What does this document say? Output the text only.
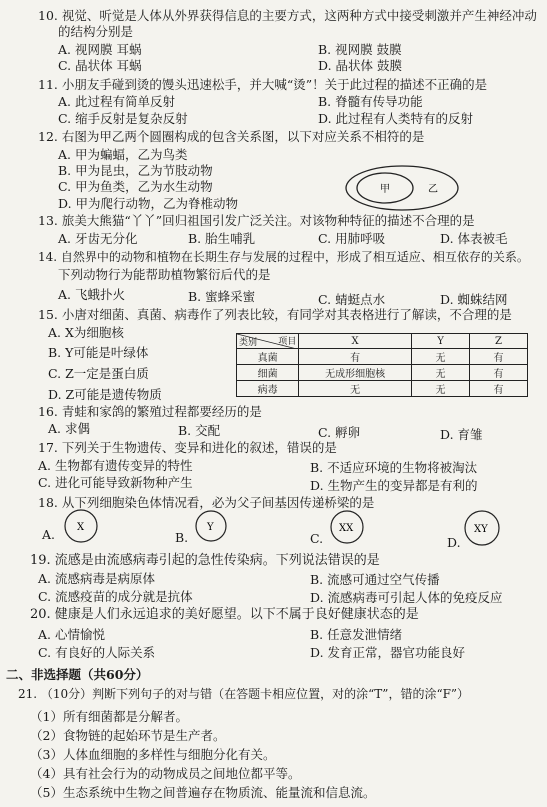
10. 视觉、听觉是人体从外界获得信息的主要方式，这两种方式中接受刺激并产生神经冲动
的结构分别是
A. 视网膜 耳蜗	B. 视网膜 鼓膜
C. 晶状体 耳蜗	D. 晶状体 鼓膜
11. 小朋友手碰到烫的馒头迅速松手，并大喊“烫”！关于此过程的描述不正确的是
A. 此过程有简单反射	B. 脊髓有传导功能
C. 缩手反射是复杂反射	D. 此过程有人类特有的反射
12. 右图为甲乙两个圆圈构成的包含关系图，以下对应关系不相符的是
A. 甲为蝙蝠，乙为鸟类
B. 甲为昆虫，乙为节肢动物
C. 甲为鱼类，乙为水生动物
D. 甲为爬行动物，乙为脊椎动物
甲	乙
13. 旅美大熊猫“丫丫”回归祖国引发广泛关注。对该物种特征的描述不合理的是
A. 牙齿无分化	B. 胎生哺乳	C. 用肺呼吸	D. 体表被毛
14. 自然界中的动物和植物在长期生存与发展的过程中，形成了相互适应、相互依存的关系。
下列动物行为能帮助植物繁衍后代的是
A. 飞蛾扑火	B. 蜜蜂采蜜	C. 蜻蜓点水	D. 蜘蛛结网
15. 小唐对细菌、真菌、病毒作了列表比较，有同学对其表格进行了解读，不合理的是
A. X为细胞核
B. Y可能是叶绿体
C. Z一定是蛋白质
D. Z可能是遗传物质
类别 项目	X	Y	Z
真菌	有	无	有
细菌	无成形细胞核	无	有
病毒	无	无	有
16. 青蛙和家鸽的繁殖过程都要经历的是
A. 求偶	B. 交配	C. 孵卵	D. 育雏
17. 下列关于生物遗传、变异和进化的叙述，错误的是
A. 生物都有遗传变异的特性	B. 不适应环境的生物将被淘汰
C. 进化可能导致新物种产生	D. 生物产生的变异都是有利的
18. 从下列细胞染色体情况看，必为父子间基因传递桥梁的是
A. X
B.
Y
C.
XX
D.
XY
19. 流感是由流感病毒引起的急性传染病。下列说法错误的是
A. 流感病毒是病原体	B. 流感可通过空气传播
C. 流感疫苗的成分就是抗体	D. 流感病毒可引起人体的免疫反应
20. 健康是人们永远追求的美好愿望。以下不属于良好健康状态的是
A. 心情愉悦	B. 任意发泄情绪
C. 有良好的人际关系	D. 发育正常，器官功能良好
二、非选择题（共60分）
21. （10分）判断下列句子的对与错（在答题卡相应位置，对的涂“T”，错的涂“F”）
（1）所有细菌都是分解者。
（2）食物链的起始环节是生产者。
（3）人体血细胞的多样性与细胞分化有关。
（4）具有社会行为的动物成员之间地位都平等。
（5）生态系统中生物之间普遍存在物质流、能量流和信息流。
